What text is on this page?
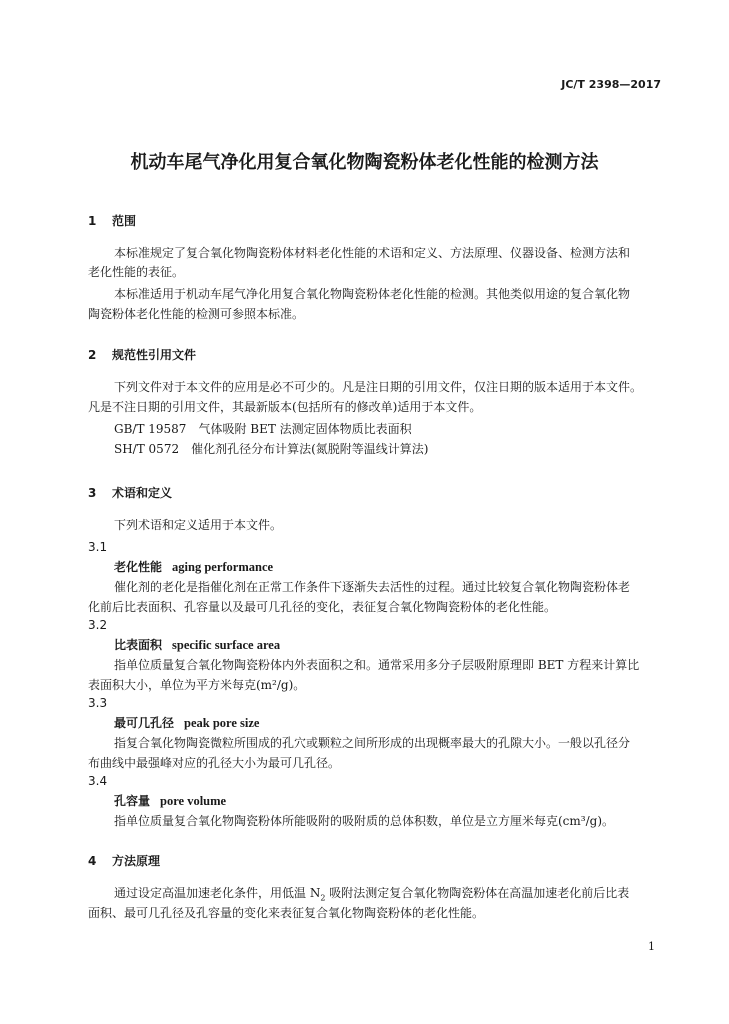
JC/T 2398—2017
机动车尾气净化用复合氧化物陶瓷粉体老化性能的检测方法
1 范围
本标准规定了复合氧化物陶瓷粉体材料老化性能的术语和定义、方法原理、仪器设备、检测方法和
老化性能的表征。
本标准适用于机动车尾气净化用复合氧化物陶瓷粉体老化性能的检测。其他类似用途的复合氧化物
陶瓷粉体老化性能的检测可参照本标准。
2 规范性引用文件
下列文件对于本文件的应用是必不可少的。凡是注日期的引用文件，仅注日期的版本适用于本文件。
凡是不注日期的引用文件，其最新版本(包括所有的修改单)适用于本文件。
GB/T 19587　气体吸附 BET 法测定固体物质比表面积
SH/T 0572　催化剂孔径分布计算法(氮脱附等温线计算法)
3 术语和定义
下列术语和定义适用于本文件。
3.1
老化性能 aging performance
催化剂的老化是指催化剂在正常工作条件下逐渐失去活性的过程。通过比较复合氧化物陶瓷粉体老
化前后比表面积、孔容量以及最可几孔径的变化，表征复合氧化物陶瓷粉体的老化性能。
3.2
比表面积 specific surface area
指单位质量复合氧化物陶瓷粉体内外表面积之和。通常采用多分子层吸附原理即 BET 方程来计算比
表面积大小，单位为平方米每克(m²/g)。
3.3
最可几孔径 peak pore size
指复合氧化物陶瓷微粒所围成的孔穴或颗粒之间所形成的出现概率最大的孔隙大小。一般以孔径分
布曲线中最强峰对应的孔径大小为最可几孔径。
3.4
孔容量 pore volume
指单位质量复合氧化物陶瓷粉体所能吸附的吸附质的总体积数，单位是立方厘米每克(cm³/g)。
4 方法原理
通过设定高温加速老化条件，用低温 $N_2$ 吸附法测定复合氧化物陶瓷粉体在高温加速老化前后比表
面积、最可几孔径及孔容量的变化来表征复合氧化物陶瓷粉体的老化性能。
1
